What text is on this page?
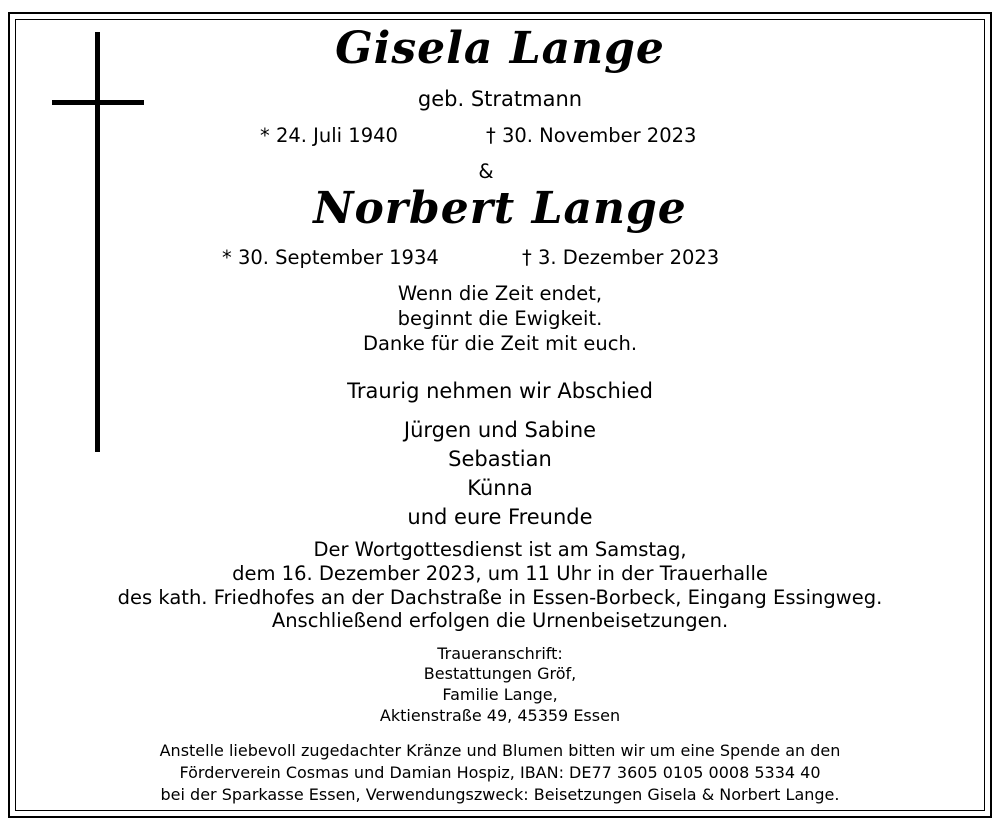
Gisela Lange
geb. Stratmann
* 24. Juli 1940	† 30. November 2023
&
Norbert Lange
* 30. September 1934	† 3. Dezember 2023
Wenn die Zeit endet,
beginnt die Ewigkeit.
Danke für die Zeit mit euch.
Traurig nehmen wir Abschied
Jürgen und Sabine
Sebastian
Künna
und eure Freunde
Der Wortgottesdienst ist am Samstag,
dem 16. Dezember 2023, um 11 Uhr in der Trauerhalle
des kath. Friedhofes an der Dachstraße in Essen-Borbeck, Eingang Essingweg.
Anschließend erfolgen die Urnenbeisetzungen.
Traueranschrift:
Bestattungen Gröf,
Familie Lange,
Aktienstraße 49, 45359 Essen
Anstelle liebevoll zugedachter Kränze und Blumen bitten wir um eine Spende an den
Förderverein Cosmas und Damian Hospiz, IBAN: DE77 3605 0105 0008 5334 40
bei der Sparkasse Essen, Verwendungszweck: Beisetzungen Gisela & Norbert Lange.
